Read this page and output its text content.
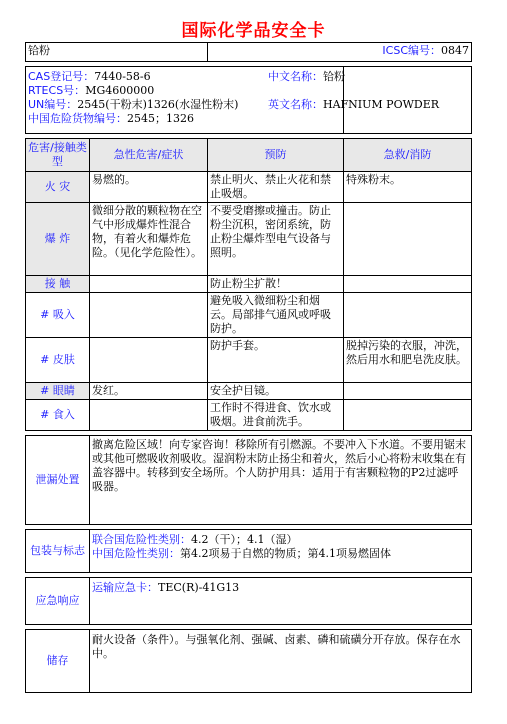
国际化学品安全卡
铪粉		ICSC编号：0847	

CAS登记号：7440-58-6
RTECS号：MG4600000
UN编号：2545(干粉末)1326(水湿性粉末)
中国危险货物编号：2545；1326			

危害/接触类型	急性危害/症状	预防	急救/消防
火 灾	易燃的。	禁止明火、禁止火花和禁止吸烟。	特殊粉末。
爆 炸	微细分散的颗粒物在空气中形成爆炸性混合物，有着火和爆炸危险。（见化学危险性）。	不要受磨擦或撞击。防止粉尘沉积，密闭系统，防止粉尘爆炸型电气设备与照明。	
接 触		防止粉尘扩散！	
# 吸入		避免吸入微细粉尘和烟云。局部排气通风或呼吸防护。	
# 皮肤		防护手套。	脱掉污染的衣服，冲洗，然后用水和肥皂洗皮肤。
# 眼睛	发红。	安全护目镜。	
# 食入		工作时不得进食、饮水或吸烟。进食前洗手。	

泄漏处置	撤离危险区域！向专家咨询！移除所有引燃源。不要冲入下水道。不要用锯末或其他可燃吸收剂吸收。湿润粉末防止扬尘和着火，然后小心将粉末收集在有盖容器中。转移到安全场所。个人防护用具：适用于有害颗粒物的P2过滤呼吸器。		

包装与标志	联合国危险性类别：4.2（干）；4.1（湿）
中国危险性类别：第4.2项易于自燃的物质；第4.1项易燃固体		

应急响应	运输应急卡：TEC(R)-41G13		

储存	耐火设备（条件）。与强氧化剂、强碱、卤素、磷和硫磺分开存放。保存在水中。		
中文名称：铪粉
英文名称：HAFNIUM POWDER
